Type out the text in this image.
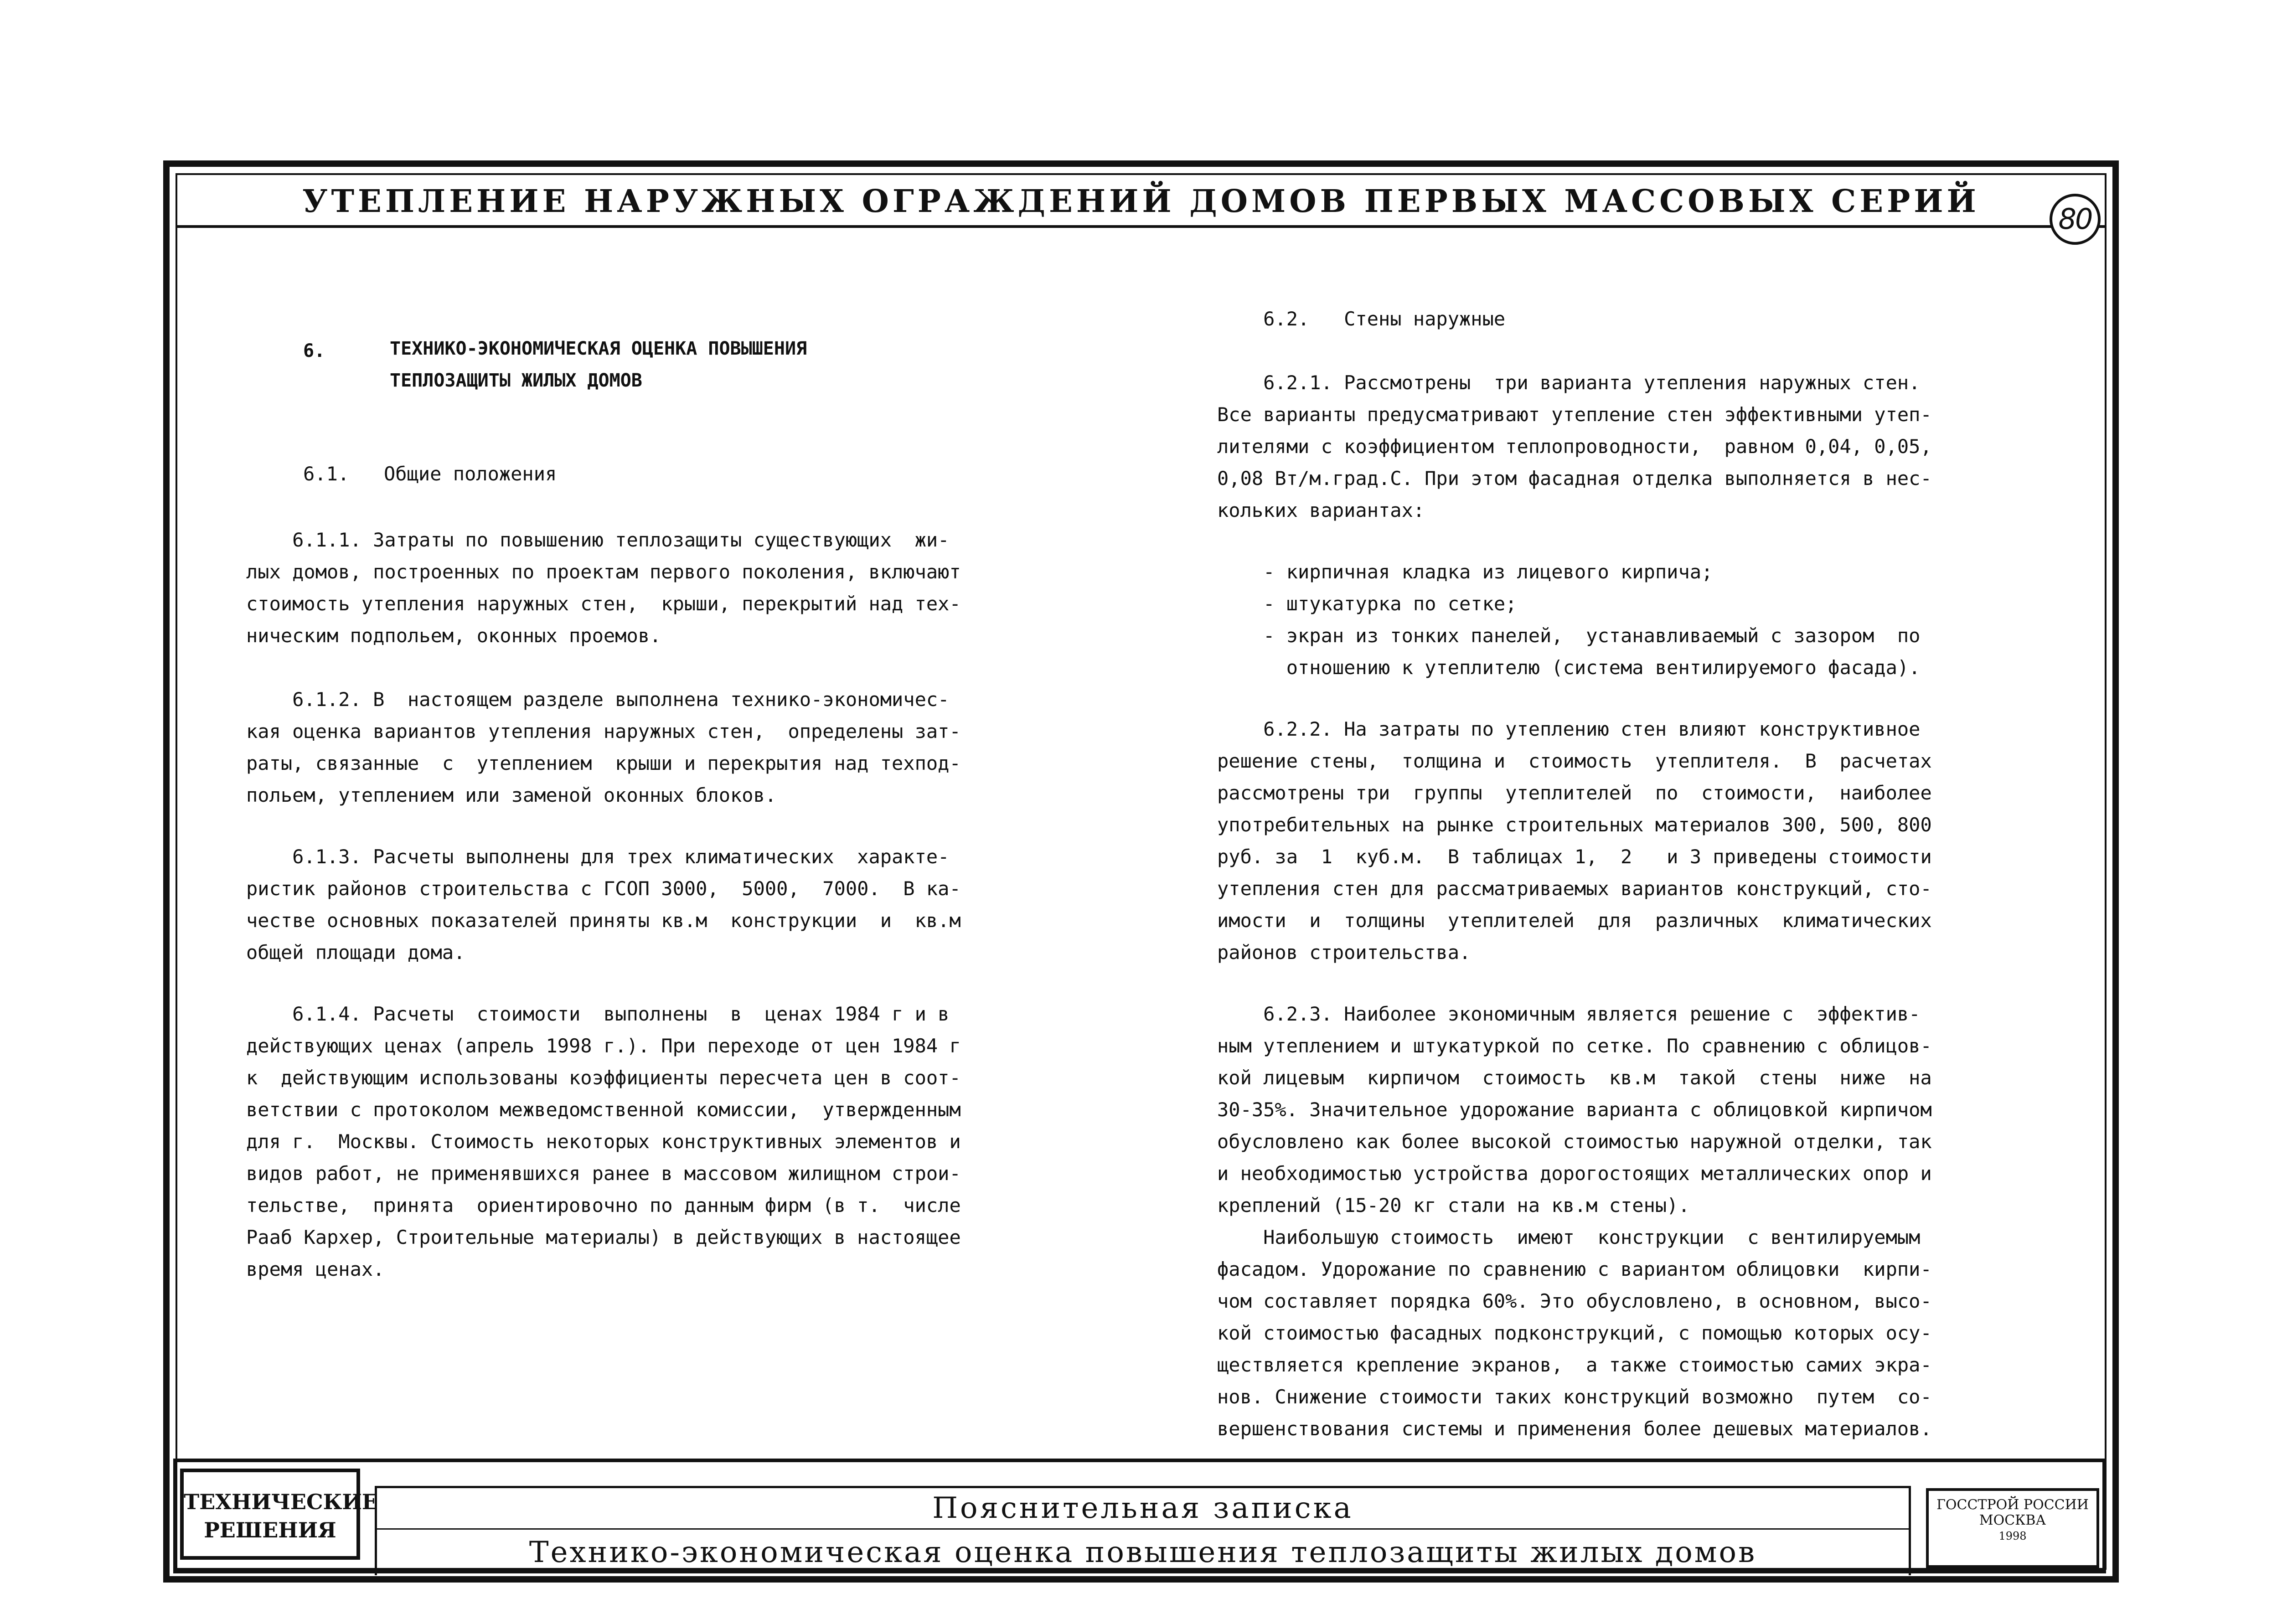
УТЕПЛЕНИЕ НАРУЖНЫХ ОГРАЖДЕНИЙ ДОМОВ ПЕРВЫХ МАССОВЫХ СЕРИЙ	80
6.	ТЕХНИКО-ЭКОНОМИЧЕСКАЯ ОЦЕНКА ПОВЫШЕНИЯ
ТЕПЛОЗАЩИТЫ ЖИЛЫХ ДОМОВ
6.1.   Общие положения
6.1.1. Затраты по повышению теплозащиты существующих  жи-
лых домов, построенных по проектам первого поколения, включают
стоимость утепления наружных стен,  крыши, перекрытий над тех-
ническим подпольем, оконных проемов.
6.1.2. В  настоящем разделе выполнена технико-экономичес-
кая оценка вариантов утепления наружных стен,  определены зат-
раты, связанные  с  утеплением  крыши и перекрытия над техпод-
польем, утеплением или заменой оконных блоков.
6.1.3. Расчеты выполнены для трех климатических  характе-
ристик районов строительства с ГСОП 3000,  5000,  7000.  В ка-
честве основных показателей приняты кв.м  конструкции  и  кв.м
общей площади дома.
6.1.4. Расчеты  стоимости  выполнены  в  ценах 1984 г и в
действующих ценах (апрель 1998 г.). При переходе от цен 1984 г
к  действующим использованы коэффициенты пересчета цен в соот-
ветствии с протоколом межведомственной комиссии,  утвержденным
для г.  Москвы. Стоимость некоторых конструктивных элементов и
видов работ, не применявшихся ранее в массовом жилищном строи-
тельстве,  принята  ориентировочно по данным фирм (в т.  числе
Рааб Кархер, Строительные материалы) в действующих в настоящее
время ценах.
6.2.   Стены наружные
6.2.1. Рассмотрены  три варианта утепления наружных стен.
Все варианты предусматривают утепление стен эффективными утеп-
лителями с коэффициентом теплопроводности,  равном 0,04, 0,05,
0,08 Вт/м.град.С. При этом фасадная отделка выполняется в нес-
кольких вариантах:
- кирпичная кладка из лицевого кирпича;
- штукатурка по сетке;
- экран из тонких панелей,  устанавливаемый с зазором  по
отношению к утеплителю (система вентилируемого фасада).
6.2.2. На затраты по утеплению стен влияют конструктивное
решение стены,  толщина и  стоимость  утеплителя.  В  расчетах
рассмотрены три  группы  утеплителей  по  стоимости,  наиболее
употребительных на рынке строительных материалов 300, 500, 800
руб. за  1  куб.м.  В таблицах 1,  2   и 3 приведены стоимости
утепления стен для рассматриваемых вариантов конструкций, сто-
имости  и  толщины  утеплителей  для  различных  климатических
районов строительства.
6.2.3. Наиболее экономичным является решение с  эффектив-
ным утеплением и штукатуркой по сетке. По сравнению с облицов-
кой лицевым  кирпичом  стоимость  кв.м  такой  стены  ниже  на
30-35%. Значительное удорожание варианта с облицовкой кирпичом
обусловлено как более высокой стоимостью наружной отделки, так
и необходимостью устройства дорогостоящих металлических опор и
креплений (15-20 кг стали на кв.м стены).
Наибольшую стоимость  имеют  конструкции  с вентилируемым
фасадом. Удорожание по сравнению с вариантом облицовки  кирпи-
чом составляет порядка 60%. Это обусловлено, в основном, высо-
кой стоимостью фасадных подконструкций, с помощью которых осу-
ществляется крепление экранов,  а также стоимостью самих экра-
нов. Снижение стоимости таких конструкций возможно  путем  со-
вершенствования системы и применения более дешевых материалов.
ТЕХНИЧЕСКИЕ
РЕШЕНИЯ
Пояснительная записка
Технико-экономическая оценка повышения теплозащиты жилых домов
ГОССТРОЙ РОССИИ
МОСКВА
1998
